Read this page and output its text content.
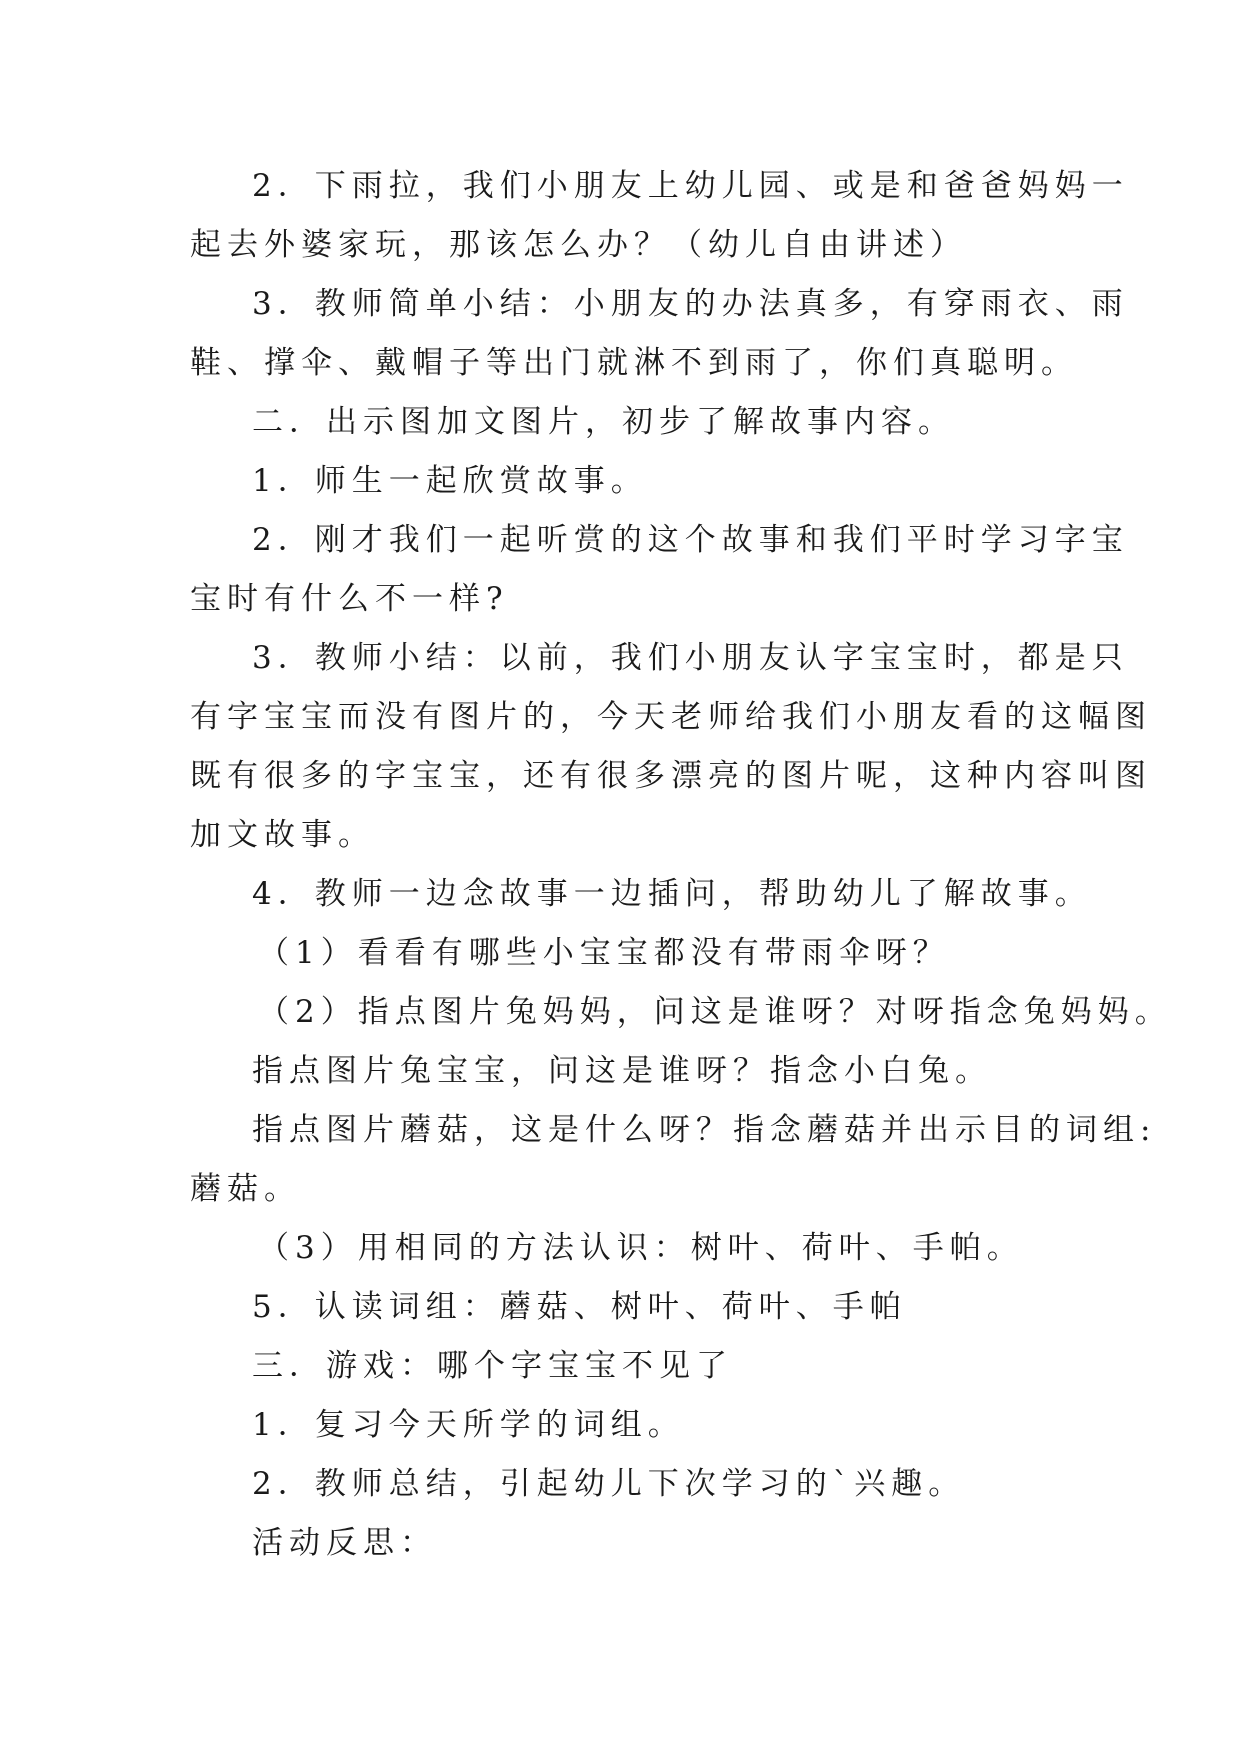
2．下雨拉，我们小朋友上幼儿园、或是和爸爸妈妈一

起去外婆家玩，那该怎么办？（幼儿自由讲述）

3．教师简单小结：小朋友的办法真多，有穿雨衣、雨

鞋、撑伞、戴帽子等出门就淋不到雨了，你们真聪明。

二．出示图加文图片，初步了解故事内容。

1．师生一起欣赏故事。

2．刚才我们一起听赏的这个故事和我们平时学习字宝

宝时有什么不一样?

3．教师小结：以前，我们小朋友认字宝宝时，都是只

有字宝宝而没有图片的，今天老师给我们小朋友看的这幅图

既有很多的字宝宝，还有很多漂亮的图片呢，这种内容叫图

加文故事。

4．教师一边念故事一边插问，帮助幼儿了解故事。

（1）看看有哪些小宝宝都没有带雨伞呀？

（2）指点图片兔妈妈，问这是谁呀？对呀指念兔妈妈。

指点图片兔宝宝，问这是谁呀？指念小白兔。

指点图片蘑菇，这是什么呀？指念蘑菇并出示目的词组:

蘑菇。

（3）用相同的方法认识：树叶、荷叶、手帕。

5．认读词组：蘑菇、树叶、荷叶、手帕

三．游戏：哪个字宝宝不见了

1．复习今天所学的词组。

2．教师总结，引起幼儿下次学习的`兴趣。

活动反思：
